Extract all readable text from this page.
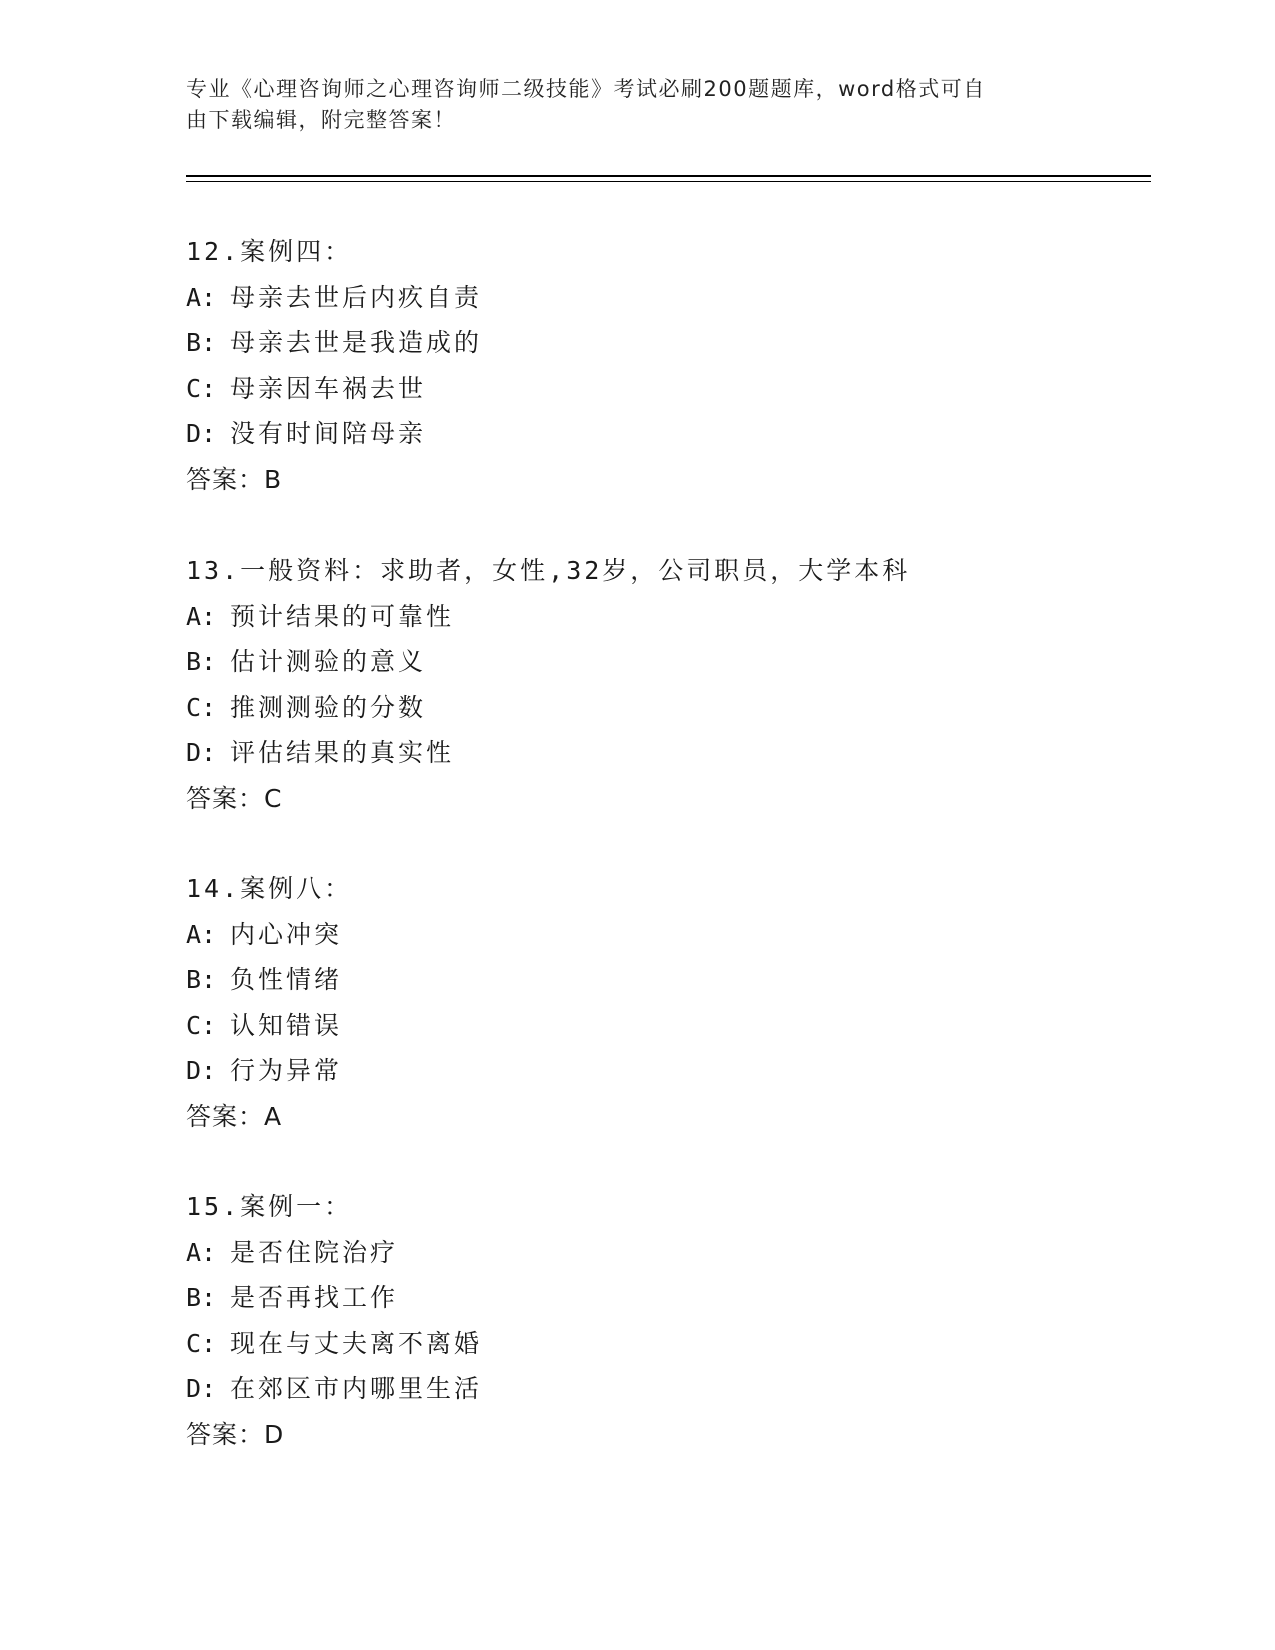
专业《心理咨询师之心理咨询师二级技能》考试必刷200题题库，word格式可自
由下载编辑，附完整答案！
12.案例四：
A: 母亲去世后内疚自责
B: 母亲去世是我造成的
C: 母亲因车祸去世
D: 没有时间陪母亲
答案：B
13.一般资料：求助者，女性,32岁，公司职员，大学本科
A: 预计结果的可靠性
B: 估计测验的意义
C: 推测测验的分数
D: 评估结果的真实性
答案：C
14.案例八：
A: 内心冲突
B: 负性情绪
C: 认知错误
D: 行为异常
答案：A
15.案例一：
A: 是否住院治疗
B: 是否再找工作
C: 现在与丈夫离不离婚
D: 在郊区市内哪里生活
答案：D
